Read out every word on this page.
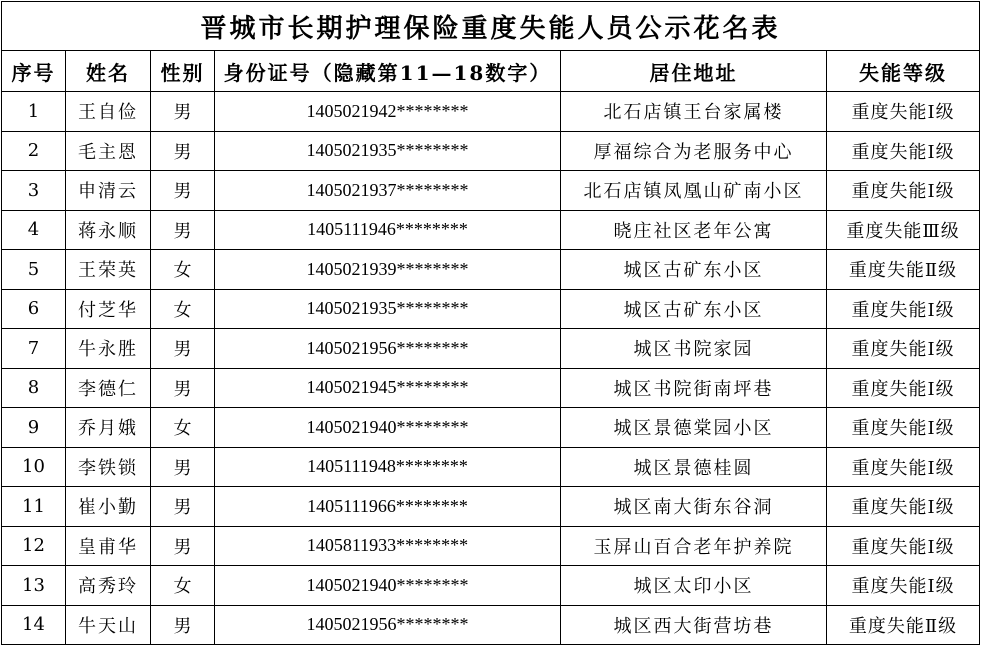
晋城市长期护理保险重度失能人员公示花名表					
序号	姓名	性别	身份证号（隐藏第11—18数字）	居住地址	失能等级
1	王自俭	男	1405021942********	北石店镇王台家属楼	重度失能Ⅰ级
2	毛主恩	男	1405021935********	厚福综合为老服务中心	重度失能Ⅰ级
3	申清云	男	1405021937********	北石店镇凤凰山矿南小区	重度失能Ⅰ级
4	蒋永顺	男	1405111946********	晓庄社区老年公寓	重度失能Ⅲ级
5	王荣英	女	1405021939********	城区古矿东小区	重度失能Ⅱ级
6	付芝华	女	1405021935********	城区古矿东小区	重度失能Ⅰ级
7	牛永胜	男	1405021956********	城区书院家园	重度失能Ⅰ级
8	李德仁	男	1405021945********	城区书院街南坪巷	重度失能Ⅰ级
9	乔月娥	女	1405021940********	城区景德棠园小区	重度失能Ⅰ级
10	李铁锁	男	1405111948********	城区景德桂圆	重度失能Ⅰ级
11	崔小勤	男	1405111966********	城区南大街东谷洞	重度失能Ⅰ级
12	皇甫华	男	1405811933********	玉屏山百合老年护养院	重度失能Ⅰ级
13	高秀玲	女	1405021940********	城区太印小区	重度失能Ⅰ级
14	牛天山	男	1405021956********	城区西大街营坊巷	重度失能Ⅱ级
